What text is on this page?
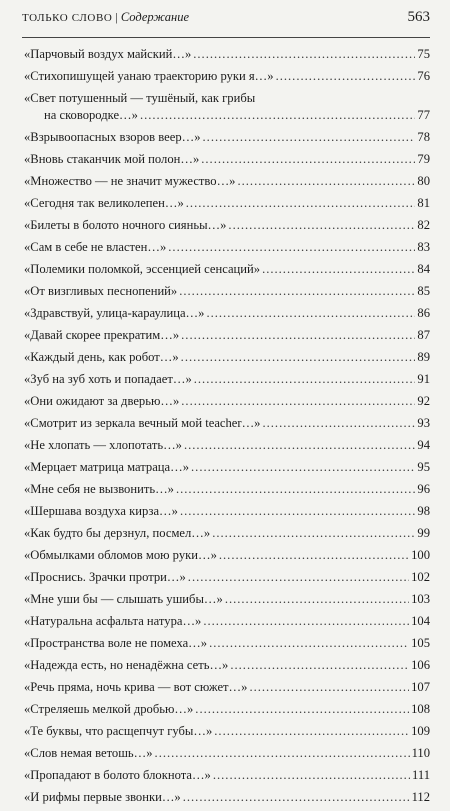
ТОЛЬКО СЛОВО | Содержание	563
«Парчовый воздух майский…» .....	75
«Стихопишущей уанаю траекторию руки я…» .....	76
«Свет потушенный — тушёный, как грибы
на сковородке…» .....	77
«Взрывоопасных взоров веер…» .....	78
«Вновь стаканчик мой полон…» .....	79
«Множество — не значит мужество…» .....	80
«Сегодня так великолепен…» .....	81
«Билеты в болото ночного сияньы…» .....	82
«Сам в себе не властен…» .....	83
«Полемики поломкой, эссенцией сенсаций» .....	84
«От визгливых песнопений» .....	85
«Здравствуй, улица-караулица…» .....	86
«Давай скорее прекратим…» .....	87
«Каждый день, как робот…» .....	89
«Зуб на зуб хоть и попадает…» .....	91
«Они ожидают за дверью…» .....	92
«Смотрит из зеркала вечный мой teacher…» .....	93
«Не хлопать — хлопотать…» .....	94
«Мерцает матрица матраца…» .....	95
«Мне себя не вызвонить…» .....	96
«Шершава воздуха кирза…» .....	98
«Как будто бы дерзнул, посмел…» .....	99
«Обмылками обломов мою руки…» .....	100
«Проснись. Зрачки протри…» .....	102
«Мне уши бы — слышать ушибы…» .....	103
«Натуральна асфальта натура…» .....	104
«Пространства воле не помеха…» .....	105
«Надежда есть, но ненадёжна сеть…» .....	106
«Речь пряма, ночь крива — вот сюжет…» .....	107
«Стреляешь мелкой дробью…» .....	108
«Те буквы, что расщепчут губы…» .....	109
«Слов немая ветошь…» .....	110
«Пропадают в болото блокнота…» .....	111
«И рифмы первые звонки…» .....	112
